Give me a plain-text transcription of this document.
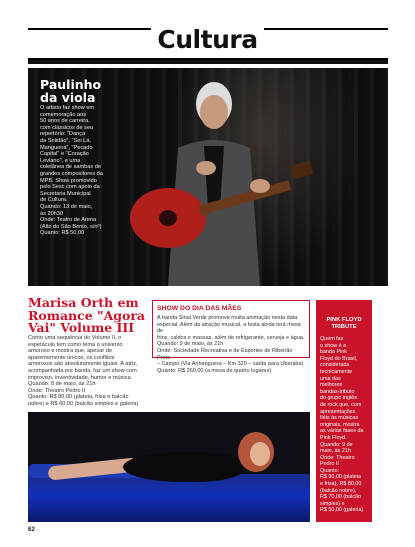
Cultura
Paulinho da viola
O artista faz show em
comemoração aos
50 anos de carreira,
com clássicos de seu
repertório: "Dança
da Solidão", "Sei Lá,
Mangueira", "Pecado
Capital" e "Coração
Leviano", e uma
coletânea de sambas de
grandes compositores da
MPB. Show promovido
pelo Sesc com apoio da
Secretaria Municipal
de Cultura.
Quando: 13 de maio,
às 20h30
Onde: Teatro de Arena
(Alto do São Bento, s/nº)
Quanto: R$ 50,00
Marisa Orth em Romance "Agora Vai" Volume III
Como uma sequência do Volume II, o
espetáculo tem como tema o universo
amoroso e mostra que, apesar de
aparentemente únicos, os conflitos
amorosos são absolutamente iguais. A atriz,
acompanhada por banda, faz um show com
improviso, inventividade, humor e música.
Quando: 8 de maio, às 21h
Onde: Theatro Pedro II
Quanto: R$ 80,00 (plateia, frisa e balcão
nobre) e R$ 60,00 (balcão simples e galeria)
SHOW DO DIA DAS MÃES
A banda Sinal Verde promove muita animação nesta data
especial. Além da atração musical, a festa ainda terá mesa de
frios, caldos e massas, além de refrigerante, cerveja e água.
Quando: 9 de maio, às 21h
Onde: Sociedade Recreativa e de Esportes de Ribeirão Preto
– Campo (Via Anhanguera – Km 320 – saída para Uberaba)
Quanto: R$ 260,00 (a mesa de quatro lugares)
PINK FLOYD TRIBUTE
Quem faz
o show é a
banda Pink
Floyd do Brasil,
considerada
tecnicamente
uma das
melhores
bandas-tributo
do grupo inglês
de rock que, com
apresentações
fiéis às músicas
originais, mostra
as várias fases da
Pink Floyd.
Quando: 9 de
maio, às 21h
Onde: Theatro
Pedro II
Quanto:
R$ 90,00 (plateia
e frisa), R$ 80,00
(balcão nobre),
R$ 70,00 (balcão
simples) e
R$ 50,00 (galeria)
62
